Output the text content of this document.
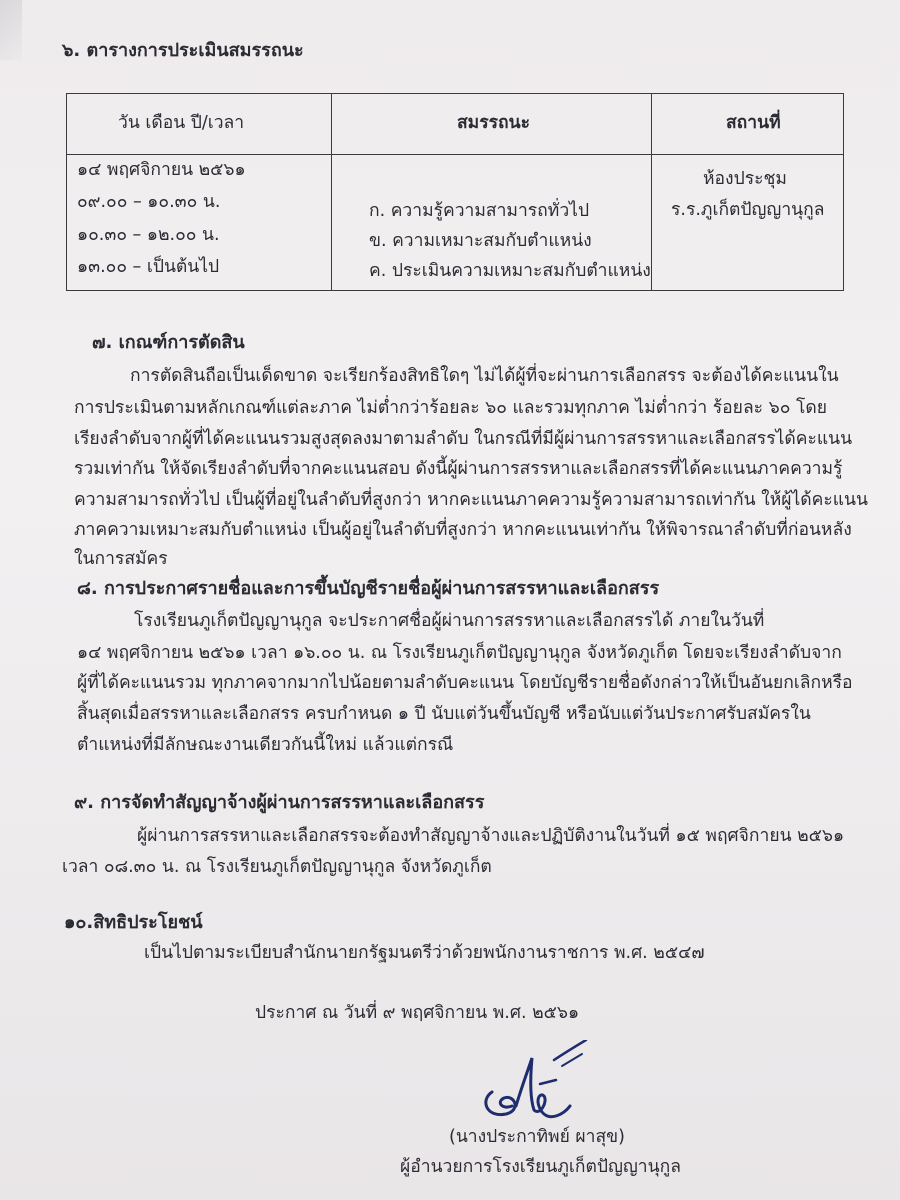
๖. ตารางการประเมินสมรรถนะ
วัน เดือน ปี/เวลา	สมรรถนะ	สถานที่
๑๔ พฤศจิกายน ๒๕๖๑
๐๙.๐๐ – ๑๐.๓๐ น.
๑๐.๓๐ – ๑๒.๐๐ น.
๑๓.๐๐ – เป็นต้นไป
ก. ความรู้ความสามารถทั่วไป
ข. ความเหมาะสมกับตำแหน่ง
ค. ประเมินความเหมาะสมกับตำแหน่ง
ห้องประชุม
ร.ร.ภูเก็ตปัญญานุกูล
๗. เกณฑ์การตัดสิน
การตัดสินถือเป็นเด็ดขาด จะเรียกร้องสิทธิใดๆ ไม่ได้ผู้ที่จะผ่านการเลือกสรร จะต้องได้คะแนนใน
การประเมินตามหลักเกณฑ์แต่ละภาค ไม่ต่ำกว่าร้อยละ ๖๐ และรวมทุกภาค ไม่ต่ำกว่า ร้อยละ ๖๐ โดย
เรียงลำดับจากผู้ที่ได้คะแนนรวมสูงสุดลงมาตามลำดับ ในกรณีที่มีผู้ผ่านการสรรหาและเลือกสรรได้คะแนน
รวมเท่ากัน ให้จัดเรียงลำดับที่จากคะแนนสอบ ดังนี้ผู้ผ่านการสรรหาและเลือกสรรที่ได้คะแนนภาคความรู้
ความสามารถทั่วไป เป็นผู้ที่อยู่ในลำดับที่สูงกว่า หากคะแนนภาคความรู้ความสามารถเท่ากัน ให้ผู้ได้คะแนน
ภาคความเหมาะสมกับตำแหน่ง เป็นผู้อยู่ในลำดับที่สูงกว่า หากคะแนนเท่ากัน ให้พิจารณาลำดับที่ก่อนหลัง
ในการสมัคร
๘. การประกาศรายชื่อและการขึ้นบัญชีรายชื่อผู้ผ่านการสรรหาและเลือกสรร
โรงเรียนภูเก็ตปัญญานุกูล จะประกาศชื่อผู้ผ่านการสรรหาและเลือกสรรได้ ภายในวันที่
๑๔ พฤศจิกายน ๒๕๖๑ เวลา ๑๖.๐๐ น. ณ โรงเรียนภูเก็ตปัญญานุกูล จังหวัดภูเก็ต โดยจะเรียงลำดับจาก
ผู้ที่ได้คะแนนรวม ทุกภาคจากมากไปน้อยตามลำดับคะแนน โดยบัญชีรายชื่อดังกล่าวให้เป็นอันยกเลิกหรือ
สิ้นสุดเมื่อสรรหาและเลือกสรร ครบกำหนด ๑ ปี นับแต่วันขึ้นบัญชี หรือนับแต่วันประกาศรับสมัครใน
ตำแหน่งที่มีลักษณะงานเดียวกันนี้ใหม่ แล้วแต่กรณี
๙. การจัดทำสัญญาจ้างผู้ผ่านการสรรหาและเลือกสรร
ผู้ผ่านการสรรหาและเลือกสรรจะต้องทำสัญญาจ้างและปฏิบัติงานในวันที่ ๑๕ พฤศจิกายน ๒๕๖๑
เวลา ๐๘.๓๐ น. ณ โรงเรียนภูเก็ตปัญญานุกูล จังหวัดภูเก็ต
๑๐.สิทธิประโยชน์
เป็นไปตามระเบียบสำนักนายกรัฐมนตรีว่าด้วยพนักงานราชการ พ.ศ. ๒๕๔๗
ประกาศ ณ วันที่ ๙ พฤศจิกายน พ.ศ. ๒๕๖๑
(นางประกาทิพย์ ผาสุข)
ผู้อำนวยการโรงเรียนภูเก็ตปัญญานุกูล
